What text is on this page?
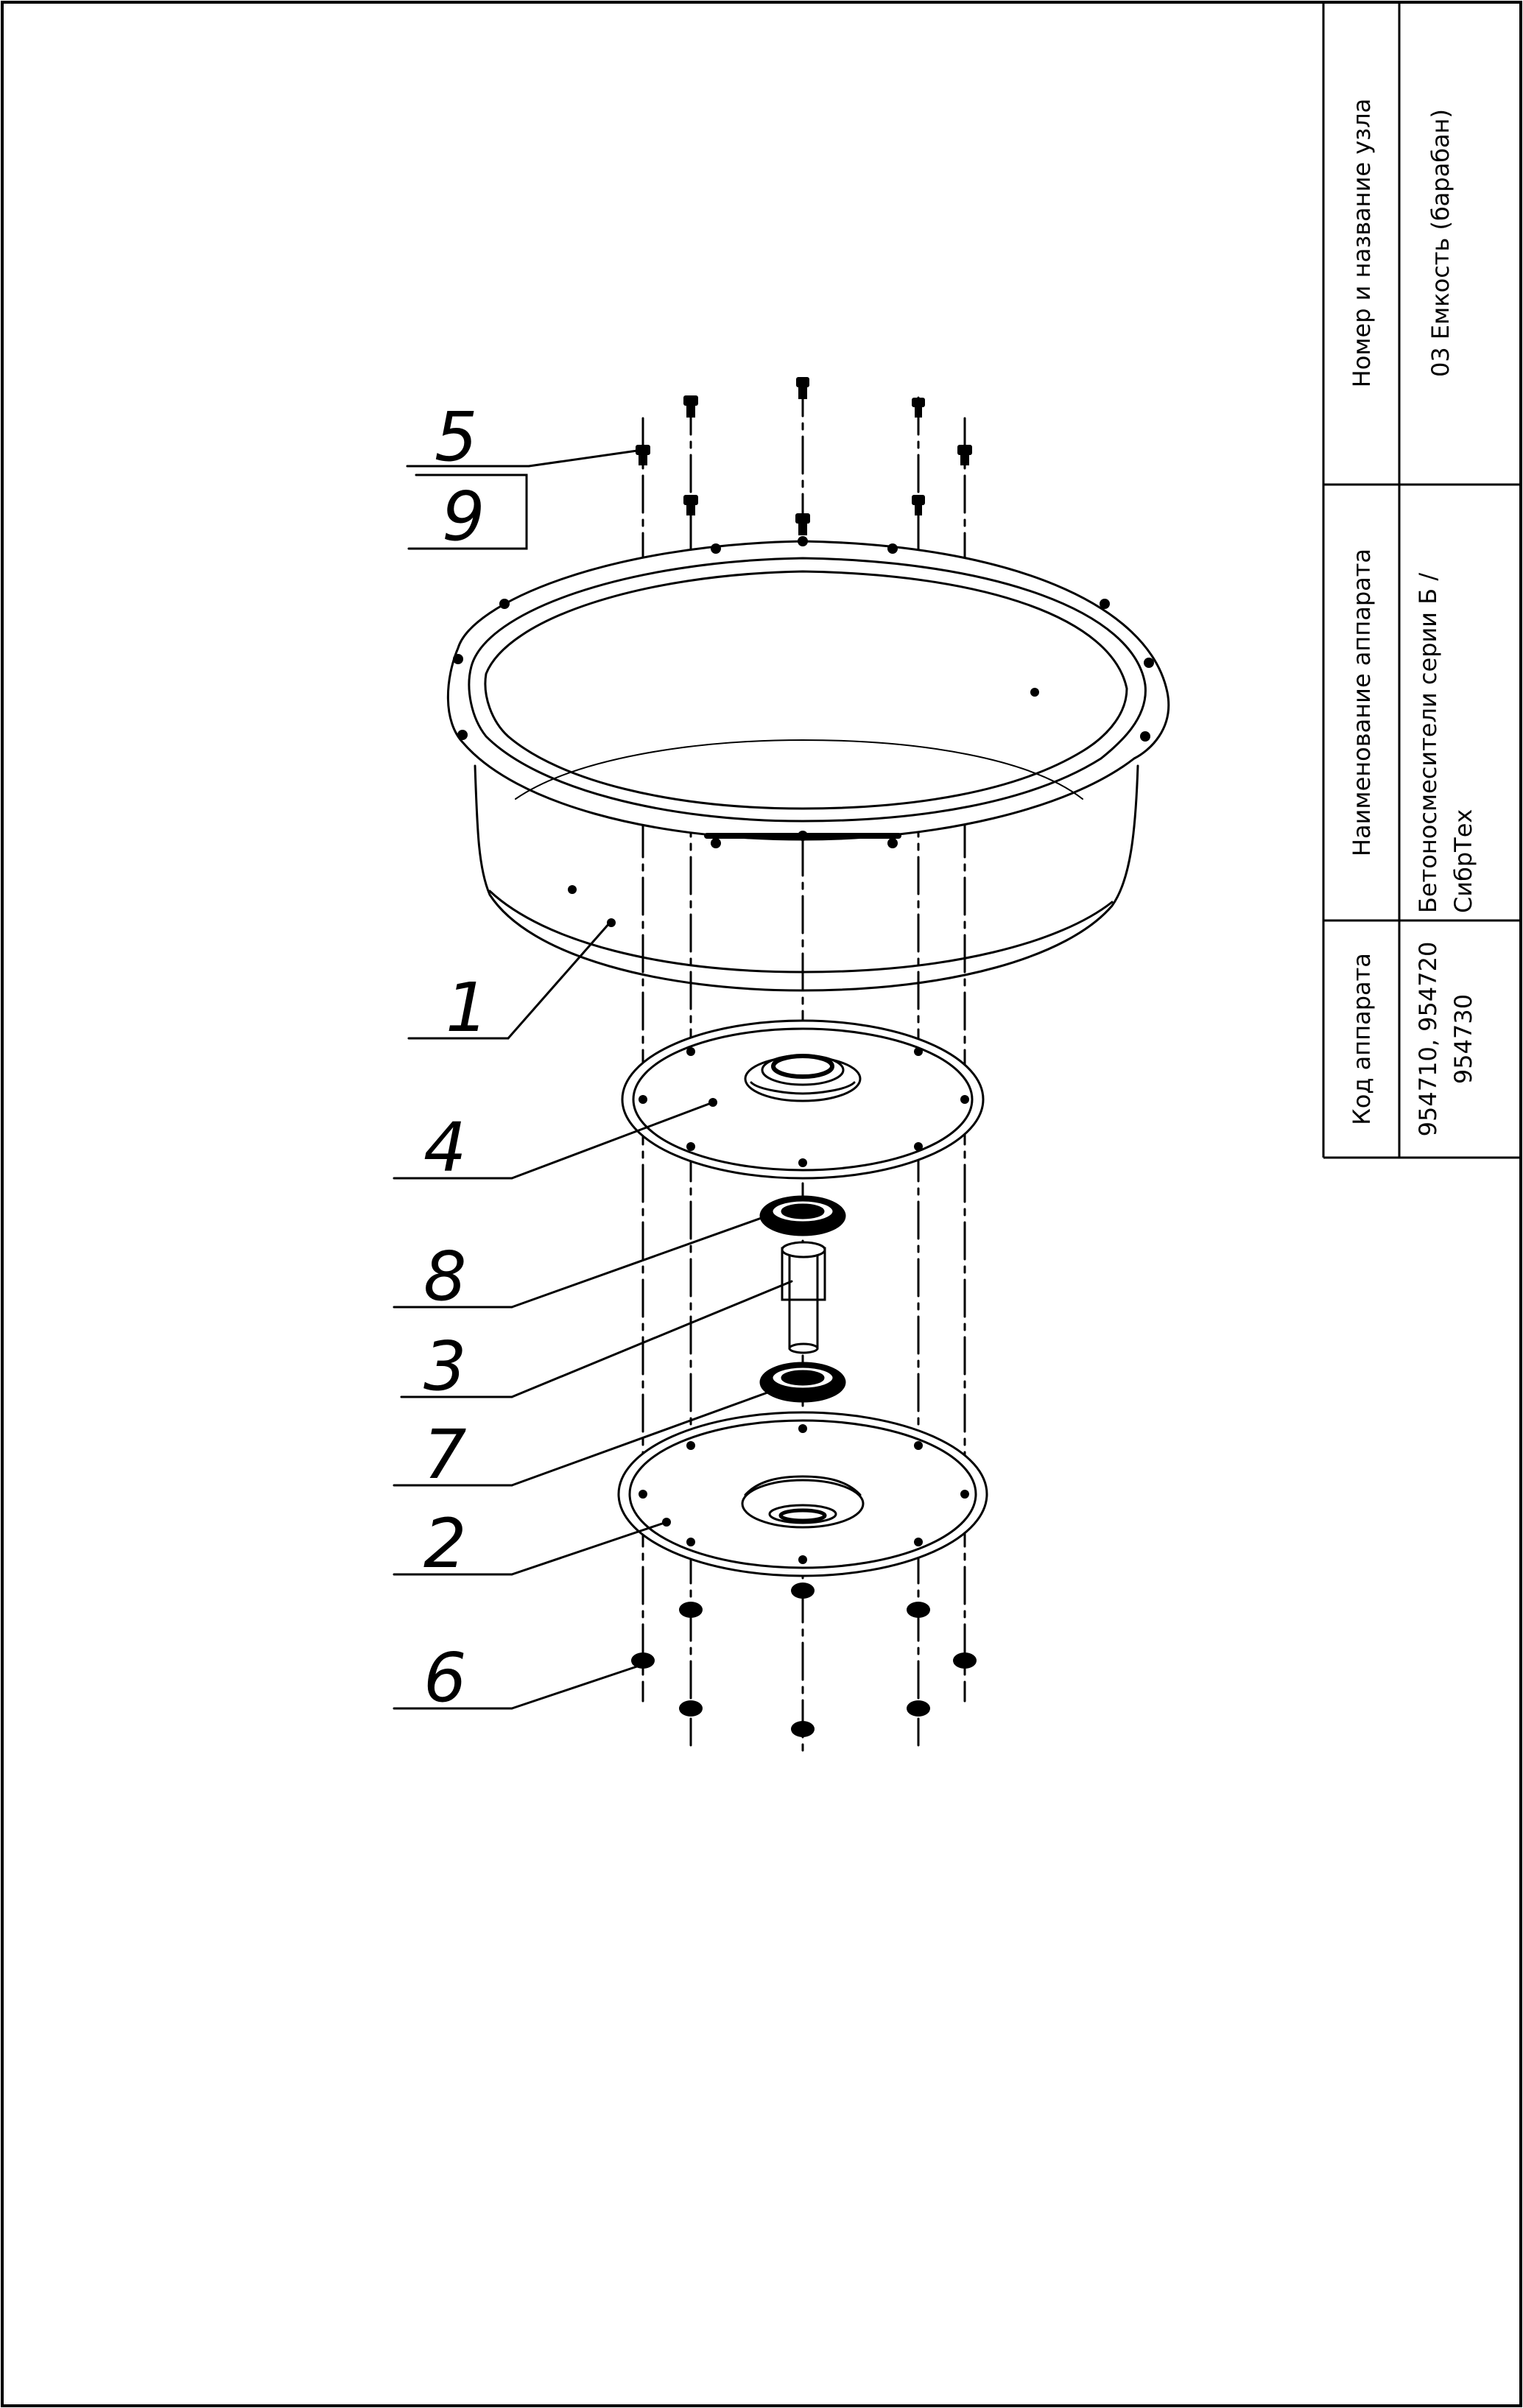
Номер и название узла 03 Емкость (барабан)
Наименование аппарата Бетоносмесители серии Б / СибрТех
Код аппарата 954710, 954720 954730
5
9
1
4
8
3
7
2
6
